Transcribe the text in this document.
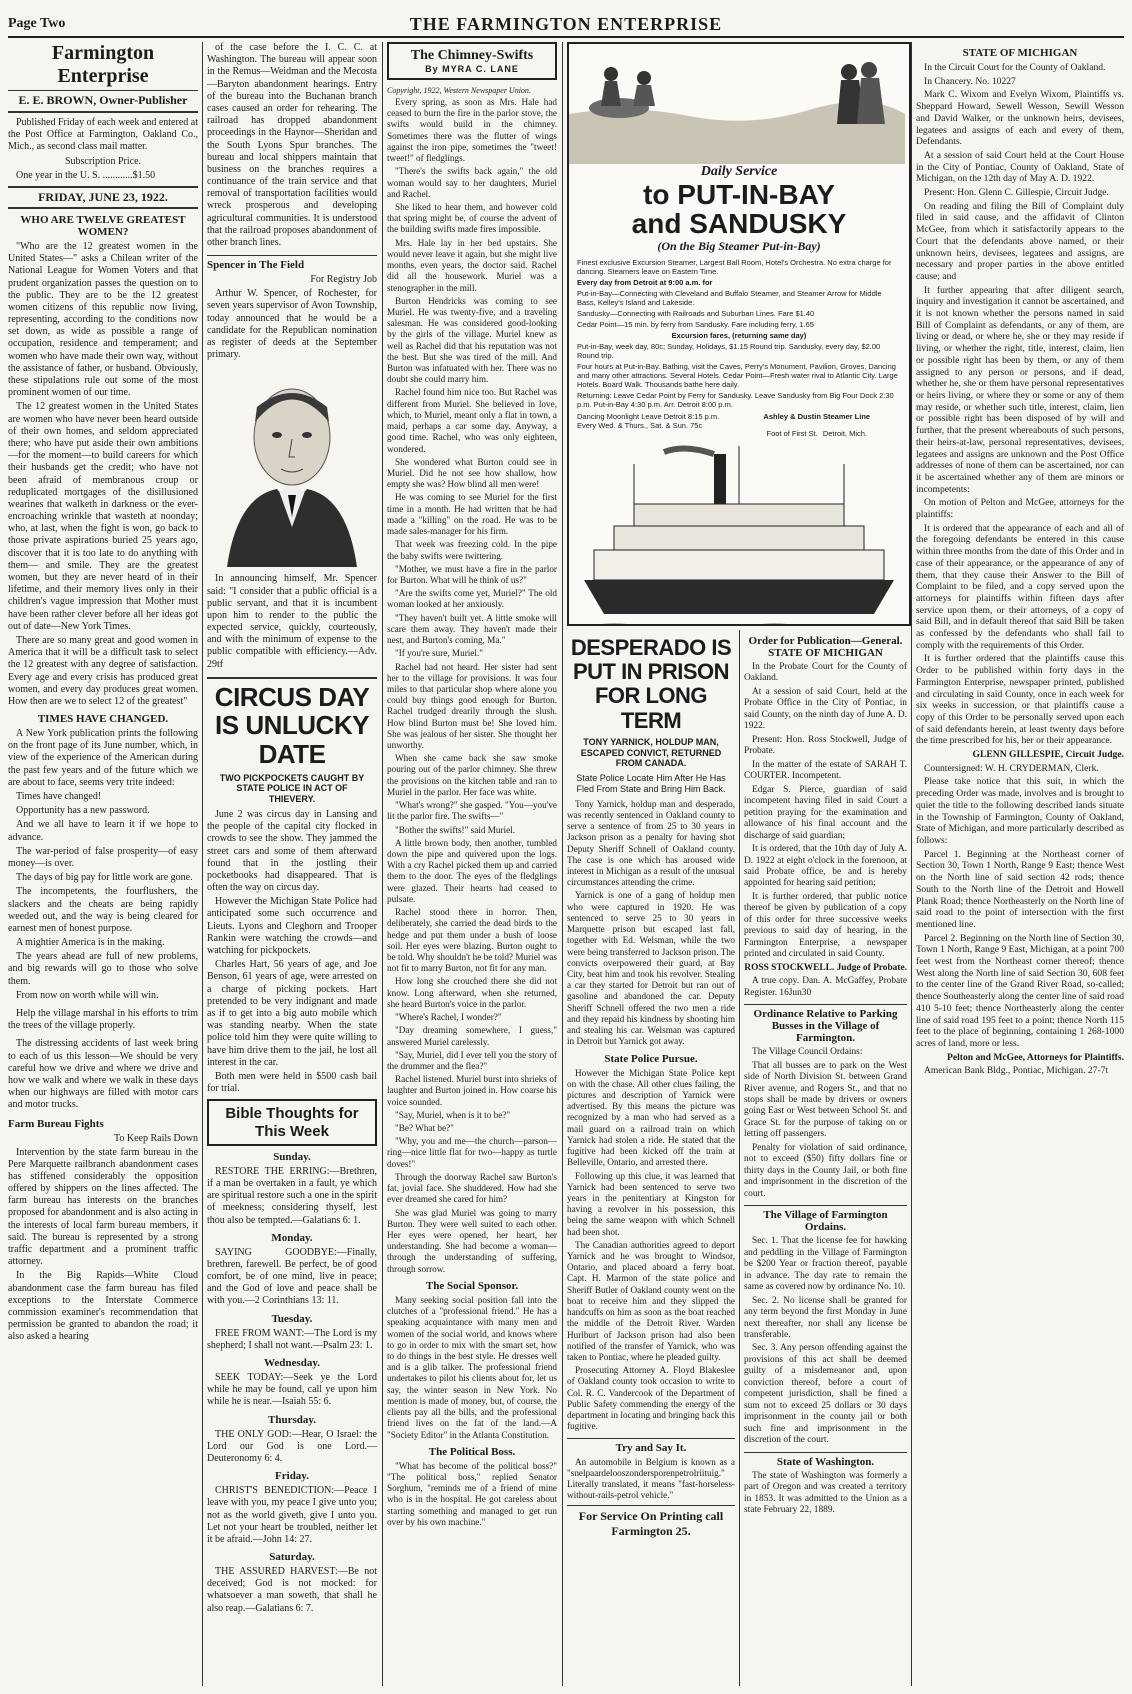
Page Two	THE FARMINGTON ENTERPRISE
Farmington Enterprise
E. E. BROWN, Owner-Publisher

Published Friday of each week and entered at the Post Office at Farmington, Oakland Co., Mich., as second class mail matter.

Subscription Price.

One year in the U. S. ............$1.50

FRIDAY, JUNE 23, 1922.
WHO ARE TWELVE GREATEST WOMEN?

"Who are the 12 greatest women in the United States—" asks a Chilean writer of the National League for Women Voters and that prudent organization passes the question on to the public. They are to be the 12 greatest women citizens of this republic now living, representing, according to the conditions now set down, as wide as possible a range of occupation, residence and temperament; and women who have made their own way, without the assistance of father, or husband. Obviously, these stipulations rule out some of the most prominent women of our time.

The 12 greatest women in the United States are women who have never been heard outside of their own homes, and seldom appreciated there; who have put aside their own ambitions—for the moment—to build careers for which their husbands get the credit; who have not been afraid of membranous croup or reduplicated mortgages of the disillusioned wearines that walketh in darkness or the ever-encroaching wrinkle that wasteth at noonday; who, at last, when the fight is won, go back to those private aspirations buried 25 years ago, discover that it is too late to do anything with them— and smile. They are the greatest women, but they are never heard of in their lifetime, and their memory lives only in their children's vague impression that Mother must have been rather clever before all her ideas got out of date—New York Times.

There are so many great and good women in America that it will be a difficult task to select the 12 greatest with any degree of satisfaction. Every age and every crisis has produced great women, and every day produces great women. How then are we to select 12 of the greatest"

TIMES HAVE CHANGED.

A New York publication prints the following on the front page of its June number, which, in view of the experience of the American during the past few years and of the future which we are about to face, seems very trite indeed:

Times have changed!

Opportunity has a new password.

And we all have to learn it if we hope to advance.

The war-period of false prosperity—of easy money—is over.

The days of big pay for little work are gone.

The incompetents, the fourflushers, the slackers and the cheats are being rapidly weeded out, and the way is being cleared for earnest men of honest purpose.

A mightier America is in the making.

The years ahead are full of new problems, and big rewards will go to those who solve them.

From now on worth while will win.

Help the village marshal in his efforts to trim the trees of the village properly.

The distressing accidents of last week bring to each of us this lesson—We should be very careful how we drive and where we drive and how we walk and where we walk in these days when our highways are filled with motor cars and motor trucks.

Farm Bureau Fights
To Keep Rails Down

Intervention by the state farm bureau in the Pere Marquette railbranch abandonment cases has stiffened considerably the opposition offered by shippers on the lines affected. The farm bureau has interests on the branches proposed for abandonment and is also acting in the interests of local farm bureau members, it said. The bureau is represented by a strong traffic department and a prominent traffic attorney.

In the Big Rapids—White Cloud abandonment case the farm bureau has filed exceptions to the Interstate Commerce commission examiner's recommendation that permission be granted to abandon the road; it also asked a hearing

of the case before the I. C. C. at Washington. The bureau will appear soon in the Remus—Weidman and the Mecosta—Baryton abandonment hearings. Entry of the bureau into the Buchanan branch cases caused an order for rehearing. The railroad has dropped abandonment proceedings in the Haynor—Sheridan and the South Lyons Spur branches. The bureau and local shippers maintain that business on the branches requires a continuance of the train service and that removal of transportation facilities would wreck prosperous and developing agricultural communities. It is understood that the railroad proposes abandonment of other branch lines.

Spencer in The Field
For Registry Job

Arthur W. Spencer, of Rochester, for seven years supervisor of Avon Township, today announced that he would be a candidate for the Republican nomination as register of deeds at the September primary.

In announcing himself, Mr. Spencer said: "I consider that a public official is a public servant, and that it is incumbent upon him to render to the public the expected service, quickly, courteously, and with the minimum of expense to the public compatible with efficiency.—Adv. 29tf

CIRCUS DAY IS UNLUCKY DATE
TWO PICKPOCKETS CAUGHT BY STATE POLICE IN ACT OF THIEVERY.

June 2 was circus day in Lansing and the people of the capital city flocked in crowds to see the show. They jammed the street cars and some of them afterward found that in the jostling their pocketbooks had disappeared. That is often the way on circus day.

However the Michigan State Police had anticipated some such occurrence and Lieuts. Lyons and Cleghorn and Trooper Rankin were watching the crowds—and watching for pickpockets.

Charles Hart, 56 years of age, and Joe Benson, 61 years of age, were arrested on a charge of picking pockets. Hart pretended to be very indignant and made as if to get into a big auto mobile which was standing nearby. When the state police told him they were quite willing to have him drive them to the jail, he lost all interest in the car.

Both men were held in $500 cash bail for trial.

Bible Thoughts for This Week
Sunday.

RESTORE THE ERRING:—Brethren, if a man be overtaken in a fault, ye which are spiritual restore such a one in the spirit of meekness; considering thyself, lest thou also be tempted.—Galatians 6: 1.

Monday.

SAYING GOODBYE:—Finally, brethren, farewell. Be perfect, be of good comfort, be of one mind, live in peace; and the God of love and peace shall be with you.—2 Corinthians 13: 11.

Tuesday.

FREE FROM WANT:—The Lord is my shepherd; I shall not want.—Psalm 23: 1.

Wednesday.

SEEK TODAY:—Seek ye the Lord while he may be found, call ye upon him while he is near.—Isaiah 55: 6.

Thursday.

THE ONLY GOD:—Hear, O Israel: the Lord our God is one Lord.—Deuteronomy 6: 4.

Friday.

CHRIST'S BENEDICTION:—Peace I leave with you, my peace I give unto you; not as the world giveth, give I unto you. Let not your heart be troubled, neither let it be afraid.—John 14: 27.

Saturday.

THE ASSURED HARVEST:—Be not deceived; God is not mocked: for whatsoever a man soweth, that shall he also reap.—Galatians 6: 7.

The Chimney-Swifts
By MYRA C. LANE

Copyright, 1922, Western Newspaper Union.

Every spring, as soon as Mrs. Hale had ceased to burn the fire in the parlor stove, the swifts would build in the chimney. Sometimes there was the flutter of wings against the iron pipe, sometimes the "tweet! tweet!" of fledglings.

"There's the swifts back again," the old woman would say to her daughters, Muriel and Rachel.

She liked to hear them, and however cold that spring might be, of course the advent of the building swifts made fires impossible.

Mrs. Hale lay in her bed upstairs. She would never leave it again, but she might live months, even years, the doctor said. Rachel did all the housework. Muriel was a stenographer in the mill.

Burton Hendricks was coming to see Muriel. He was twenty-five, and a traveling salesman. He was considered good-looking by the girls of the village. Muriel knew as well as Rachel did that his reputation was not the best. But she was tired of the mill. And Burton was infatuated with her. There was no doubt she could marry him.

Rachel found him nice too. But Rachel was different from Muriel. She believed in love, which, to Muriel, meant only a flat in town, a maid, perhaps a car some day. Anyway, a good time. Rachel, who was only eighteen, wondered.

She wondered what Burton could see in Muriel. Did he not see how shallow, how empty she was? How blind all men were!

He was coming to see Muriel for the first time in a month. He had written that he had made a "killing" on the road. He was to be made sales-manager for his firm.

That week was freezing cold. In the pipe the baby swifts were twittering.

"Mother, we must have a fire in the parlor for Burton. What will he think of us?"

"Are the swifts come yet, Muriel?" The old woman looked at her anxiously.

"They haven't built yet. A little smoke will scare them away. They haven't made their nest, and Burton's coming, Ma."

"If you're sure, Muriel."

Rachel had not heard. Her sister had sent her to the village for provisions. It was four miles to that particular shop where alone you could buy things good enough for Burton. Rachel trudged drearily through the slush. How blind Burton must be! She loved him. She was jealous of her sister. She thought her unworthy.

When she came back she saw smoke pouring out of the parlor chimney. She threw the provisions on the kitchen table and ran to Muriel in the parlor. Her face was white.

"What's wrong?" she gasped. "You—you've lit the parlor fire. The swifts—"

"Bother the swifts!" said Muriel.

A little brown body, then another, tumbled down the pipe and quivered upon the logs. With a cry Rachel picked them up and carried them to the door. The eyes of the fledglings were glazed. Their hearts had ceased to pulsate.

Rachel stood there in horror. Then, deliberately, she carried the dead birds to the hedge and put them under a bush of loose soil. Her eyes were blazing. Burton ought to be told. Why shouldn't he be told? Muriel was not fit to marry Burton, not fit for any man.

How long she crouched there she did not know. Long afterward, when she returned, she heard Burton's voice in the parlor.

"Where's Rachel, I wonder?"

"Day dreaming somewhere, I guess," answered Muriel carelessly.

"Say, Muriel, did I ever tell you the story of the drummer and the flea?"

Rachel listened. Muriel burst into shrieks of laughter and Burton joined in. How coarse his voice sounded.

"Say, Muriel, when is it to be?"

"Be? What be?"

"Why, you and me—the church—parson—ring—nice little flat for two—happy as turtle doves!"

Through the doorway Rachel saw Burton's fat, jovial face. She shuddered. How had she ever dreamed she cared for him?

She was glad Muriel was going to marry Burton. They were well suited to each other. Her eyes were opened, her heart, her understanding. She had become a woman—through the understanding of suffering, through sorrow.

The Social Sponsor.

Many seeking social position fall into the clutches of a "professional friend." He has a speaking acquaintance with many men and women of the social world, and knows where to go in order to mix with the smart set, how to do things in the best style. He dresses well and is a glib talker. The professional friend undertakes to pilot his clients about for, let us say, the winter season in New York. No mention is made of money, but, of course, the clients pay all the bills, and the professional friend lives on the fat of the land.—A "Society Editor" in the Atlanta Constitution.

The Political Boss.

"What has become of the political boss?" "The political boss," replied Senator Sorghum, "reminds me of a friend of mine who is in the hospital. He got careless about starting something and managed to get run over by his own machine."

Daily Service
to PUT-IN-BAY
and SANDUSKY
(On the Big Steamer Put-in-Bay)

Finest exclusive Excursion Steamer, Largest Ball Room, Hotel's Orchestra. No extra charge for dancing. Steamers leave on Eastern Time.

Every day from Detroit at 9:00 a.m. for

Put-in-Bay—Connecting with Cleveland and Buffalo Steamer, and Steamer Arrow for Middle Bass, Kelley's Island and Lakeside.

Sandusky—Connecting with Railroads and Suburban Lines. Fare $1.40

Cedar Point—15 min. by ferry from Sandusky. Fare including ferry, 1.65

Excursion fares, (returning same day)

Put-in-Bay, week day, 80c; Sunday, Holidays, $1.15 Round trip. Sandusky, every day, $2.00 Round trip.

Four hours at Put-in-Bay. Bathing, visit the Caves, Perry's Monument, Pavilion, Groves, Dancing and many other attractions. Several Hotels. Cedar Point—Fresh water rival to Atlantic City. Large Hotels. Board Walk. Thousands bathe here daily.

Returning: Leave Cedar Point by Ferry for Sandusky. Leave Sandusky from Big Four Dock 2:30 p.m. Put-in-Bay 4:30 p.m. Arr. Detroit 8:00 p.m.

Dancing Moonlight Leave Detroit 8:15 p.m. Every Wed. & Thurs., Sat. & Sun. 75c

Ashley & Dustin Steamer Line
Foot of First St. Detroit, Mich.
DESPERADO IS PUT IN PRISON FOR LONG TERM
TONY YARNICK, HOLDUP MAN, ESCAPED CONVICT, RETURNED FROM CANADA.
State Police Locate Him After He Has Fled From State and Bring Him Back.

Tony Yarnick, holdup man and desperado, was recently sentenced in Oakland county to serve a sentence of from 25 to 30 years in Jackson prison as a penalty for having shot Deputy Sheriff Schnell of Oakland county. The case is one which has aroused wide interest in Michigan as a result of the unusual circumstances attending the crime.

Yarnick is one of a gang of holdup men who were captured in 1920. He was sentenced to serve 25 to 30 years in Marquette prison but escaped last fall, together with Ed. Welsman, while the two were being transferred to Jackson prison. The convicts overpowered their guard, at Bay City, beat him and took his revolver. Stealing a car they started for Detroit but ran out of gasoline and abandoned the car. Deputy Sheriff Schnell offered the two men a ride and they repaid his kindness by shooting him and stealing his car. Welsman was captured in Detroit but Yarnick got away.

State Police Pursue.

However the Michigan State Police kept on with the chase. All other clues failing, the pictures and description of Yarnick were advertised. By this means the picture was recognized by a man who had served as a mail guard on a railroad train on which Yarnick had stolen a ride. He stated that the fugitive had been kicked off the train at Belleville, Ontario, and arrested there.

Following up this clue, it was learned that Yarnick had been sentenced to serve two years in the penitentiary at Kingston for having a revolver in his possession, this being the same weapon with which Schnell had been shot.

The Canadian authorities agreed to deport Yarnick and he was brought to Windsor, Ontario, and placed aboard a ferry boat. Capt. H. Marmon of the state police and Sheriff Butler of Oakland county went on the boat to receive him and they slipped the handcuffs on him as soon as the boat reached the middle of the Detroit River. Warden Hurlburt of Jackson prison had also been notified of the transfer of Yarnick, who was taken to Pontiac, where he pleaded guilty.

Prosecuting Attorney A. Floyd Blakeslee of Oakland county took occasion to write to Col. R. C. Vandercook of the Department of Public Safety commending the energy of the department in locating and bringing back this fugitive.

Try and Say It.

An automobile in Belgium is known as a "snelpaardelooszondersporenpetrolriituig." Literally translated, it means "fast-horseless-without-rails-petrol vehicle."

For Service On Printing call Farmington 25.
Order for Publication—General. STATE OF MICHIGAN

In the Probate Court for the County of Oakland.

At a session of said Court, held at the Probate Office in the City of Pontiac, in said County, on the ninth day of June A. D. 1922.

Present: Hon. Ross Stockwell, Judge of Probate.

In the matter of the estate of SARAH T. COURTER. Incompetent.

Edgar S. Pierce, guardian of said incompetent having filed in said Court a petition praying for the examination and allowance of his final account and the discharge of said guardian;

It is ordered, that the 10th day of July A. D. 1922 at eight o'clock in the forenoon, at said Probate office, be and is hereby appointed for hearing said petition;

It is further ordered, that public notice thereof be given by publication of a copy of this order for three successive weeks previous to said day of hearing, in the Farmington Enterprise, a newspaper printed and circulated in said County.

ROSS STOCKWELL. Judge of Probate.

A true copy. Dan. A. McGaffey, Probate Register. 16Jun30

Ordinance Relative to Parking Busses in the Village of Farmington.

The Village Council Ordains:

That all busses are to park on the West side of North Division St. between Grand River avenue, and Rogers St., and that no stops shall be made by drivers or owners going East or West between School St. and Grace St. for the purpose of taking on or letting off passengers.

Penalty for violation of said ordinance, not to exceed ($50) fifty dollars fine or thirty days in the County Jail, or both fine and imprisonment in the discretion of the court.

The Village of Farmington Ordains.

Sec. 1. That the license fee for hawking and peddling in the Village of Farmington be $200 Year or fraction thereof, payable in advance. The day rate to remain the same as covered now by ordinance No. 10.

Sec. 2. No license shall be granted for any term beyond the first Monday in June next thereafter, nor shall any license be transferable.

Sec. 3. Any person offending against the provisions of this act shall be deemed guilty of a misdemeanor and, upon conviction thereof, before a court of competent jurisdiction, shall be fined a sum not to exceed 25 dollars or 30 days imprisonment in the county jail or both such fine and imprisonment in the discretion of the court.

State of Washington.

The state of Washington was formerly a part of Oregon and was created a territory in 1853. It was admitted to the Union as a state February 22, 1889.

STATE OF MICHIGAN

In the Circuit Court for the County of Oakland.

In Chancery. No. 10227

Mark C. Wixom and Evelyn Wixom, Plaintiffs vs. Sheppard Howard, Sewell Wesson, Sewill Wesson and David Walker, or the unknown heirs, devisees, legatees and assigns of each and every of them, Defendants.

At a session of said Court held at the Court House in the City of Pontiac, County of Oakland, State of Michigan, on the 12th day of May A. D. 1922.

Present: Hon. Glenn C. Gillespie, Circuit Judge.

On reading and filing the Bill of Complaint duly filed in said cause, and the affidavit of Clinton McGee, from which it satisfactorily appears to the Court that the defendants above named, or their unknown heirs, devisees, legatees and assigns, are necessary and proper parties in the above entitled cause; and

It further appearing that after diligent search, inquiry and investigation it cannot be ascertained, and it is not known whether the persons named in said Bill of Complaint as defendants, or any of them, are living or dead, or where he, she or they may reside if living, or whether the right, title, interest, claim, lien or possible right has been by them, or any of them assigned to any person or persons, and if dead, whether he, she or them have personal representatives or heirs living, or where they or some or any of them may reside, or whether such title, interest, claim, lien or possible right has been disposed of by will and further, that the present whereabouts of such persons, their heirs-at-law, personal representatives, devisees, legatees and assigns are unknown and the Post Office addresses of none of them can be ascertained, nor can it be ascertained whether any of them are minors or incompetents:

On motion of Pelton and McGee, attorneys for the plaintiffs:

It is ordered that the appearance of each and all of the foregoing defendants be entered in this cause within three months from the date of this Order and in case of their appearance, or the appearance of any of them, that they cause their Answer to the Bill of Complaint to be filed, and a copy served upon the attorneys for plaintiffs within fifteen days after service upon them, or their attorneys, of a copy of said Bill, and in default thereof that said Bill be taken as confessed by the defendants who shall fail to comply with the requirements of this Order.

It is further ordered that the plaintiffs cause this Order to be published within forty days in the Farmington Enterprise, newspaper printed, published and circulating in said County, once in each week for six weeks in succession, or that plaintiffs cause a copy of this Order to be personally served upon each of said defendants herein, at least twenty days before the time prescribed for his, her or their appearance.

GLENN GILLESPIE, Circuit Judge.

Countersigned: W. H. CRYDERMAN, Clerk.

Please take notice that this suit, in which the preceding Order was made, involves and is brought to quiet the title to the following described lands situate in the Township of Farmington, County of Oakland, State of Michigan, and more particularly described as follows:

Parcel 1. Beginning at the Northeast corner of Section 30, Town 1 North, Range 9 East; thence West on the North line of said section 42 rods; thence South to the North line of the Detroit and Howell Plank Road; thence Northeasterly on the North line of said road to the point of intersection with the first mentioned line.

Parcel 2. Beginning on the North line of Section 30, Town 1 North, Range 9 East, Michigan, at a point 700 feet west from the Northeast corner thereof; thence West along the North line of said Section 30, 608 feet to the center line of the Grand River Road, so-called; thence Southeasterly along the center line of said road 410 5-10 feet; thence Northeasterly along the center line of said road 195 feet to a point; thence North 115 feet to the place of beginning, containing 1 268-1000 acres of land, more or less.

Pelton and McGee, Attorneys for Plaintiffs.

American Bank Bldg., Pontiac, Michigan. 27-7t
